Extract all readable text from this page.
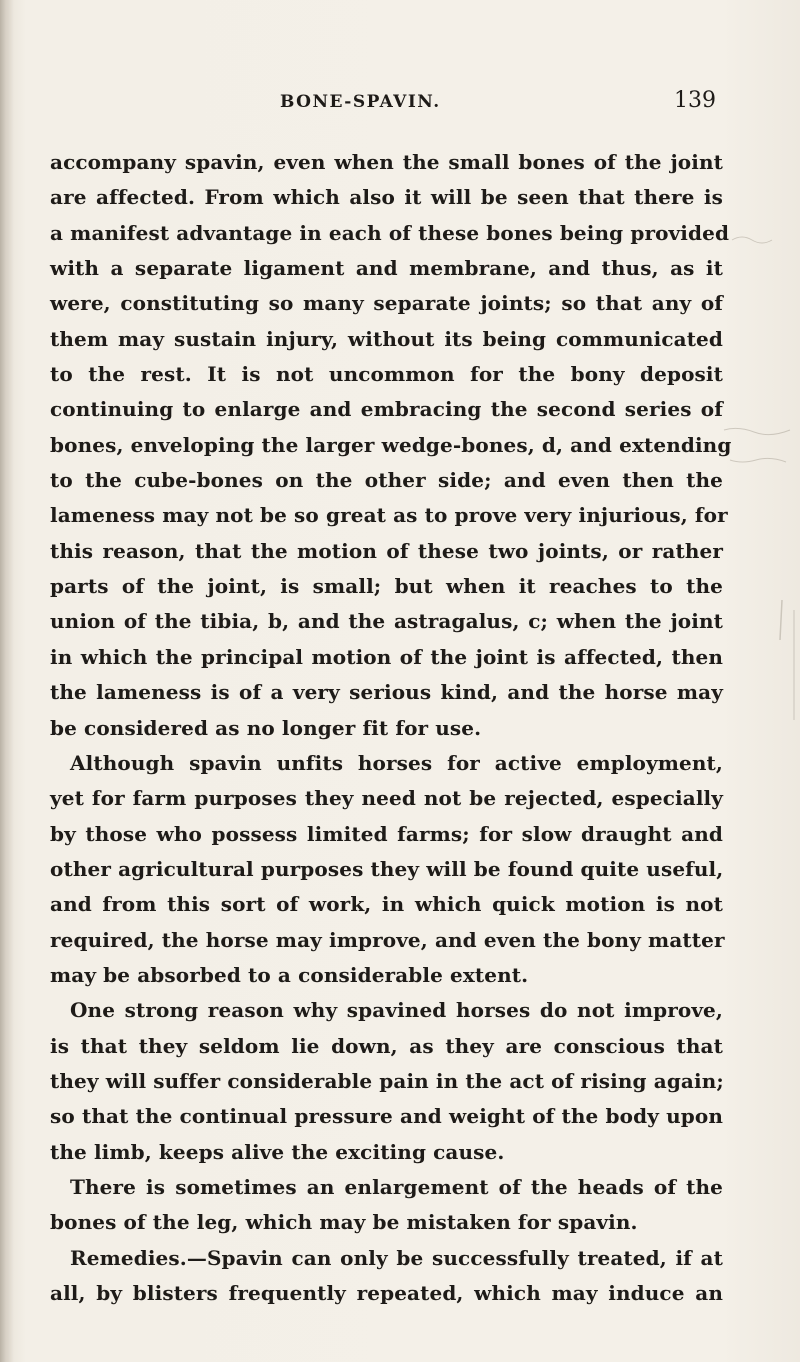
BONE-SPAVIN.	139
accompany spavin, even when the small bones of the joint
are affected. From which also it will be seen that there is
a manifest advantage in each of these bones being provided
with a separate ligament and membrane, and thus, as it
were, constituting so many separate joints; so that any of
them may sustain injury, without its being communicated
to the rest. It is not uncommon for the bony deposit
continuing to enlarge and embracing the second series of
bones, enveloping the larger wedge-bones, d, and extending
to the cube-bones on the other side; and even then the
lameness may not be so great as to prove very injurious, for
this reason, that the motion of these two joints, or rather
parts of the joint, is small; but when it reaches to the
union of the tibia, b, and the astragalus, c; when the joint
in which the principal motion of the joint is affected, then
the lameness is of a very serious kind, and the horse may
be considered as no longer fit for use.
Although spavin unfits horses for active employment,
yet for farm purposes they need not be rejected, especially
by those who possess limited farms; for slow draught and
other agricultural purposes they will be found quite useful,
and from this sort of work, in which quick motion is not
required, the horse may improve, and even the bony matter
may be absorbed to a considerable extent.
One strong reason why spavined horses do not improve,
is that they seldom lie down, as they are conscious that
they will suffer considerable pain in the act of rising again;
so that the continual pressure and weight of the body upon
the limb, keeps alive the exciting cause.
There is sometimes an enlargement of the heads of the
bones of the leg, which may be mistaken for spavin.
Remedies.—Spavin can only be successfully treated, if at
all, by blisters frequently repeated, which may induce an
